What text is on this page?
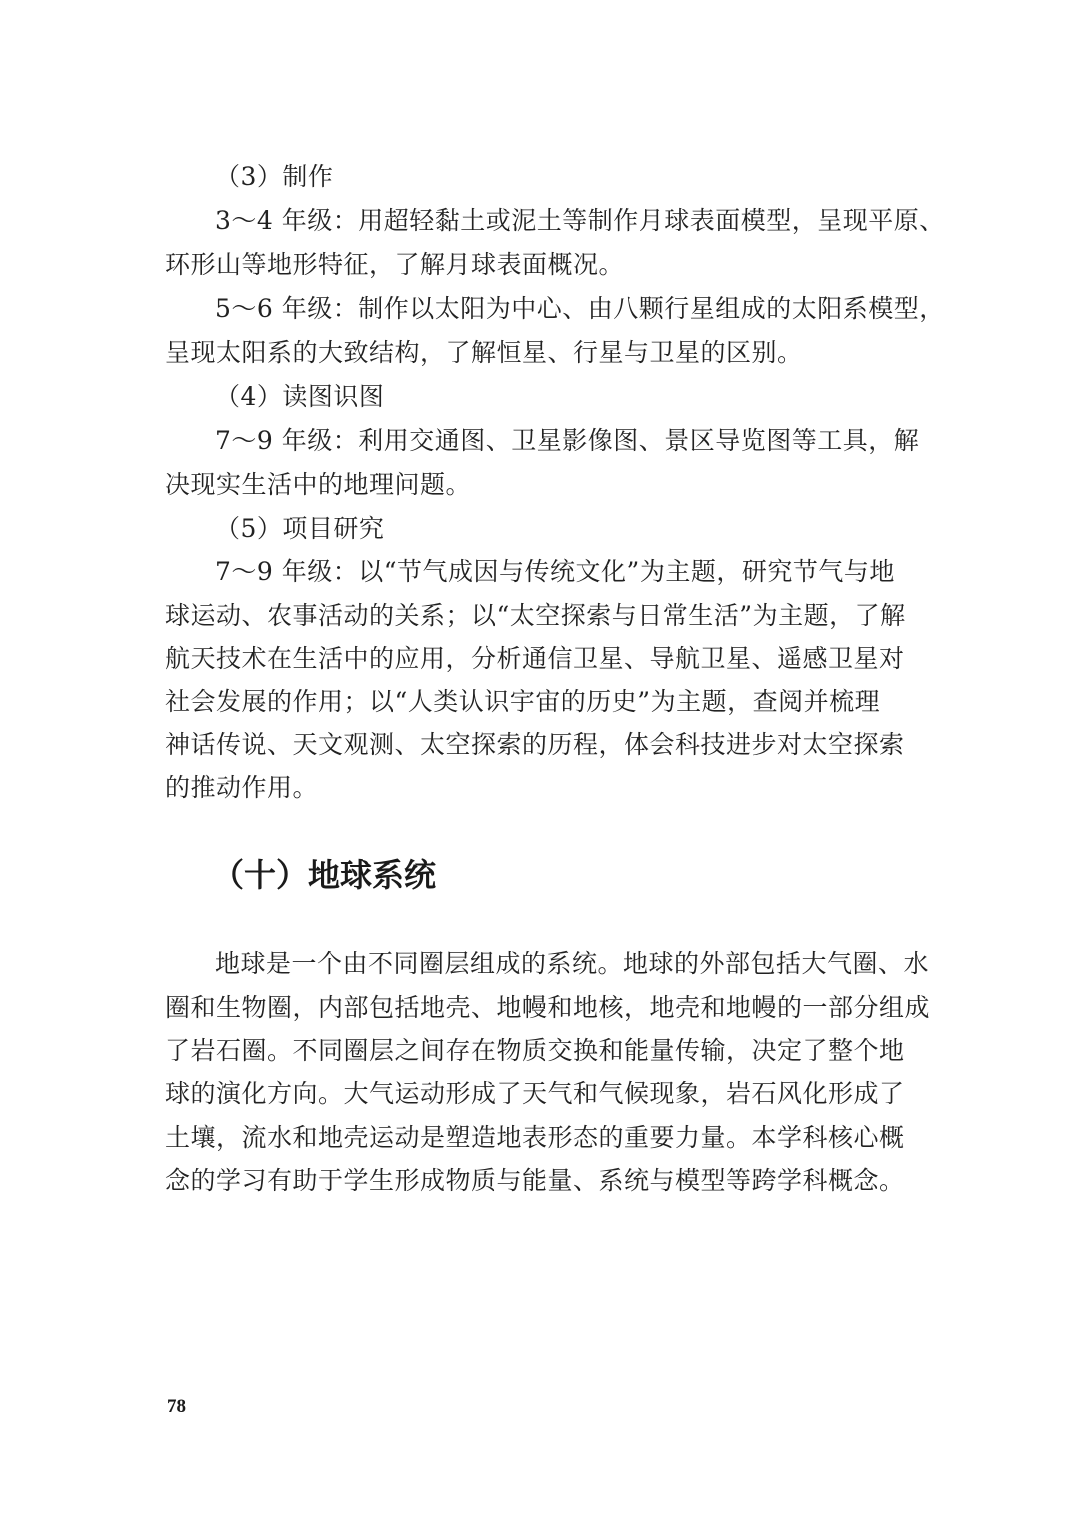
（3）制作
3～4 年级：用超轻黏土或泥土等制作月球表面模型，呈现平原、
环形山等地形特征，了解月球表面概况。
5～6 年级：制作以太阳为中心、由八颗行星组成的太阳系模型，
呈现太阳系的大致结构，了解恒星、行星与卫星的区别。
（4）读图识图
7～9 年级：利用交通图、卫星影像图、景区导览图等工具，解
决现实生活中的地理问题。
（5）项目研究
7～9 年级：以“节气成因与传统文化”为主题，研究节气与地
球运动、农事活动的关系；以“太空探索与日常生活”为主题，了解
航天技术在生活中的应用，分析通信卫星、导航卫星、遥感卫星对
社会发展的作用；以“人类认识宇宙的历史”为主题，查阅并梳理
神话传说、天文观测、太空探索的历程，体会科技进步对太空探索
的推动作用。
（十）地球系统
地球是一个由不同圈层组成的系统。地球的外部包括大气圈、水
圈和生物圈，内部包括地壳、地幔和地核，地壳和地幔的一部分组成
了岩石圈。不同圈层之间存在物质交换和能量传输，决定了整个地
球的演化方向。大气运动形成了天气和气候现象，岩石风化形成了
土壤，流水和地壳运动是塑造地表形态的重要力量。本学科核心概
念的学习有助于学生形成物质与能量、系统与模型等跨学科概念。
78
